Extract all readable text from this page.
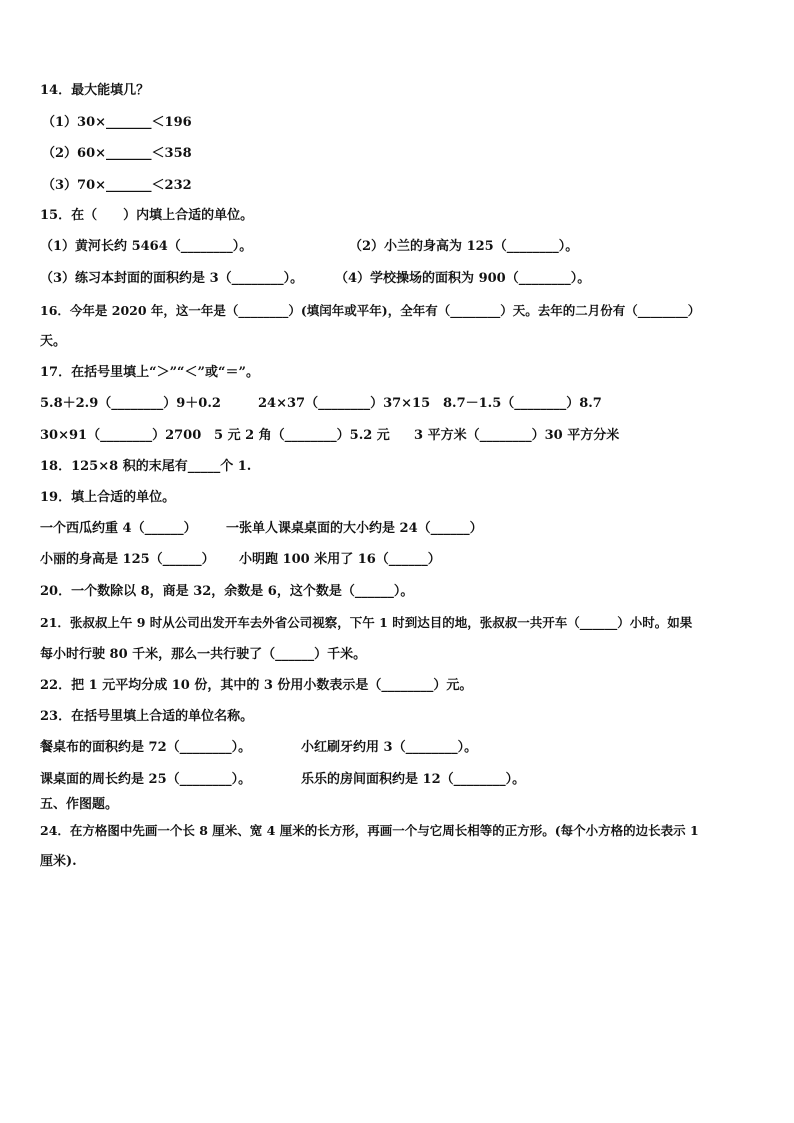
14．最大能填几？
（1）30×_______＜196
（2）60×_______＜358
（3）70×_______＜232
15．在（　　）内填上合适的单位。
（1）黄河长约 5464（________）。	（2）小兰的身高为 125（________）。
（3）练习本封面的面积约是 3（________）。 （4）学校操场的面积为 900（________）。
16．今年是 2020 年，这一年是（________）(填闰年或平年)，全年有（________）天。去年的二月份有（________）
天。
17．在括号里填上“＞”“＜”或“＝”。
5.8＋2.9（________）9＋0.2	24×37（________）37×15 8.7－1.5（________）8.7
30×91（________）2700 5 元 2 角（________）5.2 元 3 平方米（________）30 平方分米
18．125×8 积的末尾有_____个 1.
19．填上合适的单位。
一个西瓜约重 4（______） 一张单人课桌桌面的大小约是 24（______）
小丽的身高是 125（______） 小明跑 100 米用了 16（______）
20．一个数除以 8，商是 32，余数是 6，这个数是（______）。
21．张叔叔上午 9 时从公司出发开车去外省公司视察，下午 1 时到达目的地，张叔叔一共开车（______）小时。如果
每小时行驶 80 千米，那么一共行驶了（______）千米。
22．把 1 元平均分成 10 份，其中的 3 份用小数表示是（________）元。
23．在括号里填上合适的单位名称。
餐桌布的面积约是 72（________）。	小红刷牙约用 3（________）。
课桌面的周长约是 25（________）。	乐乐的房间面积约是 12（________）。
五、作图题。
24．在方格图中先画一个长 8 厘米、宽 4 厘米的长方形，再画一个与它周长相等的正方形。(每个小方格的边长表示 1
厘米).
